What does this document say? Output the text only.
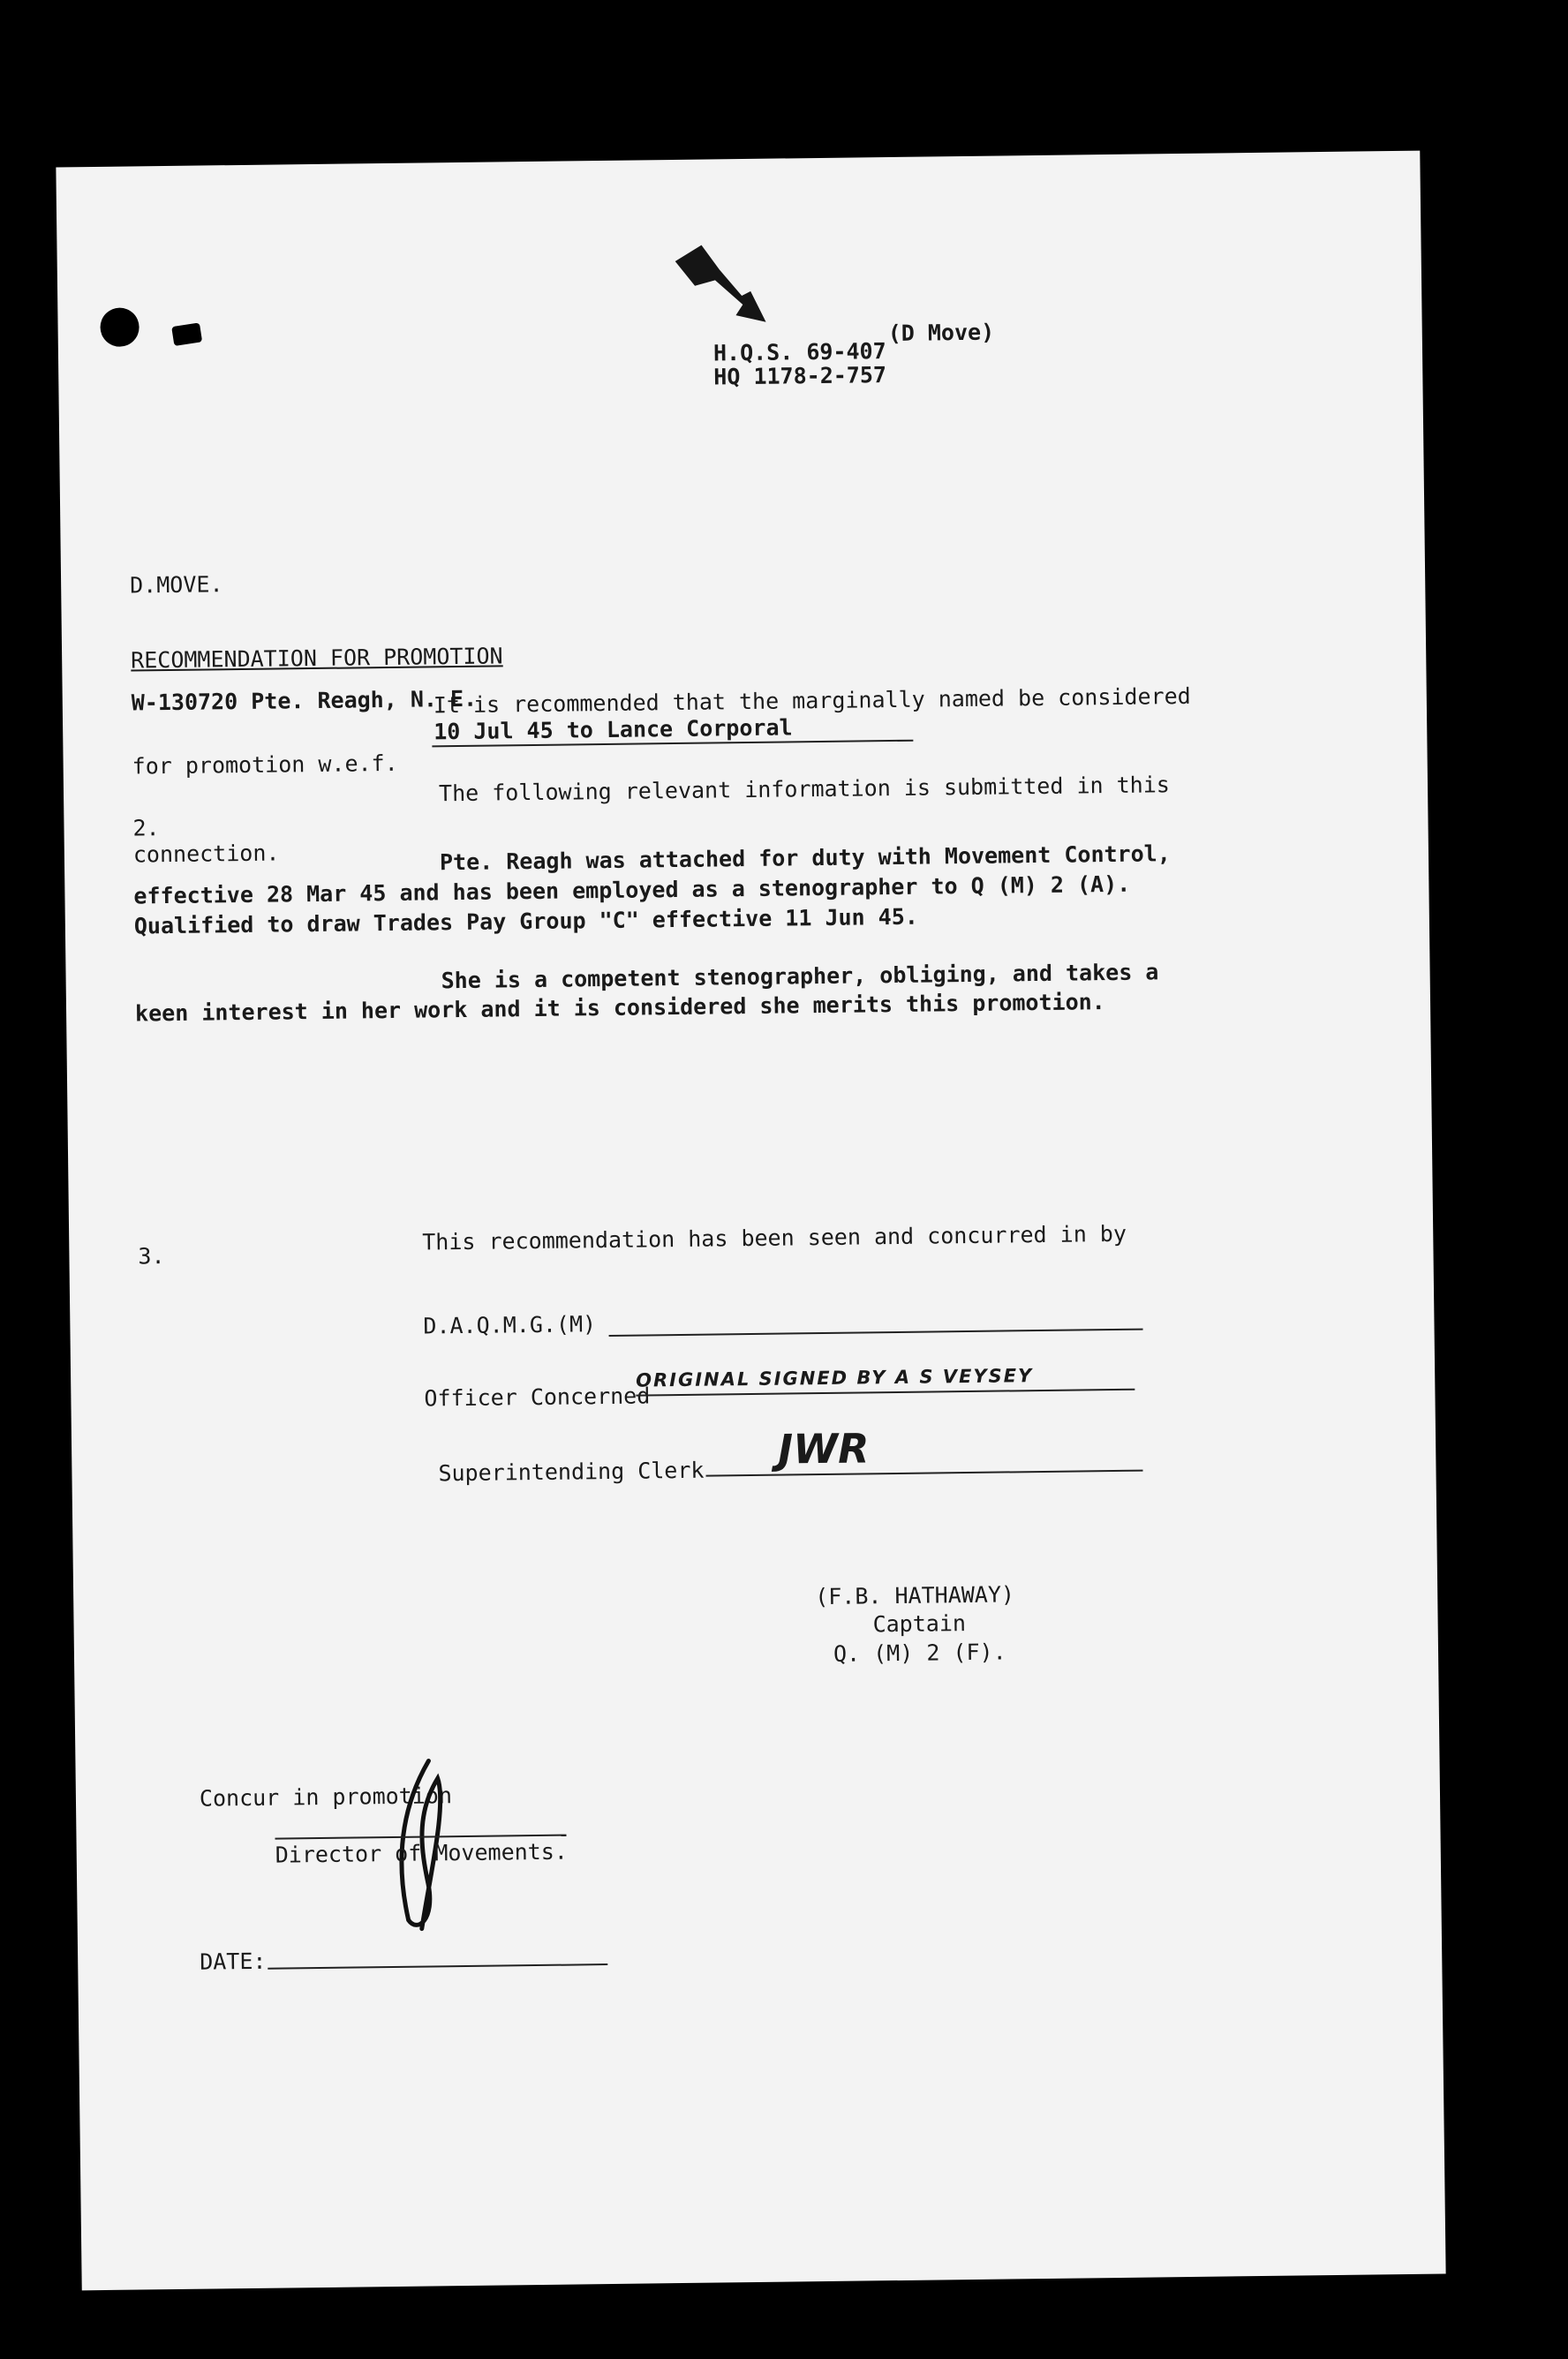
H.Q.S. 69-407
(D Move)
HQ 1178-2-757
D.MOVE.
RECOMMENDATION FOR PROMOTION
W-130720 Pte. Reagh, N. E.
It is recommended that the marginally named be considered
for promotion w.e.f.
10 Jul 45 to Lance Corporal
2.
The following relevant information is submitted in this
connection.	Pte. Reagh was attached for duty with Movement Control,
effective 28 Mar 45 and has been employed as a stenographer to Q (M) 2 (A).
Qualified to draw Trades Pay Group "C" effective 11 Jun 45.
She is a competent stenographer, obliging, and takes a
keen interest in her work and it is considered she merits this promotion.
3.
This recommendation has been seen and concurred in by
D.A.Q.M.G.(M)
Officer Concerned
ORIGINAL SIGNED BY A S VEYSEY
Superintending Clerk JWR
(F.B. HATHAWAY)
Captain
Q. (M) 2 (F).
Concur in promotion
Director of Movements.
DATE:
